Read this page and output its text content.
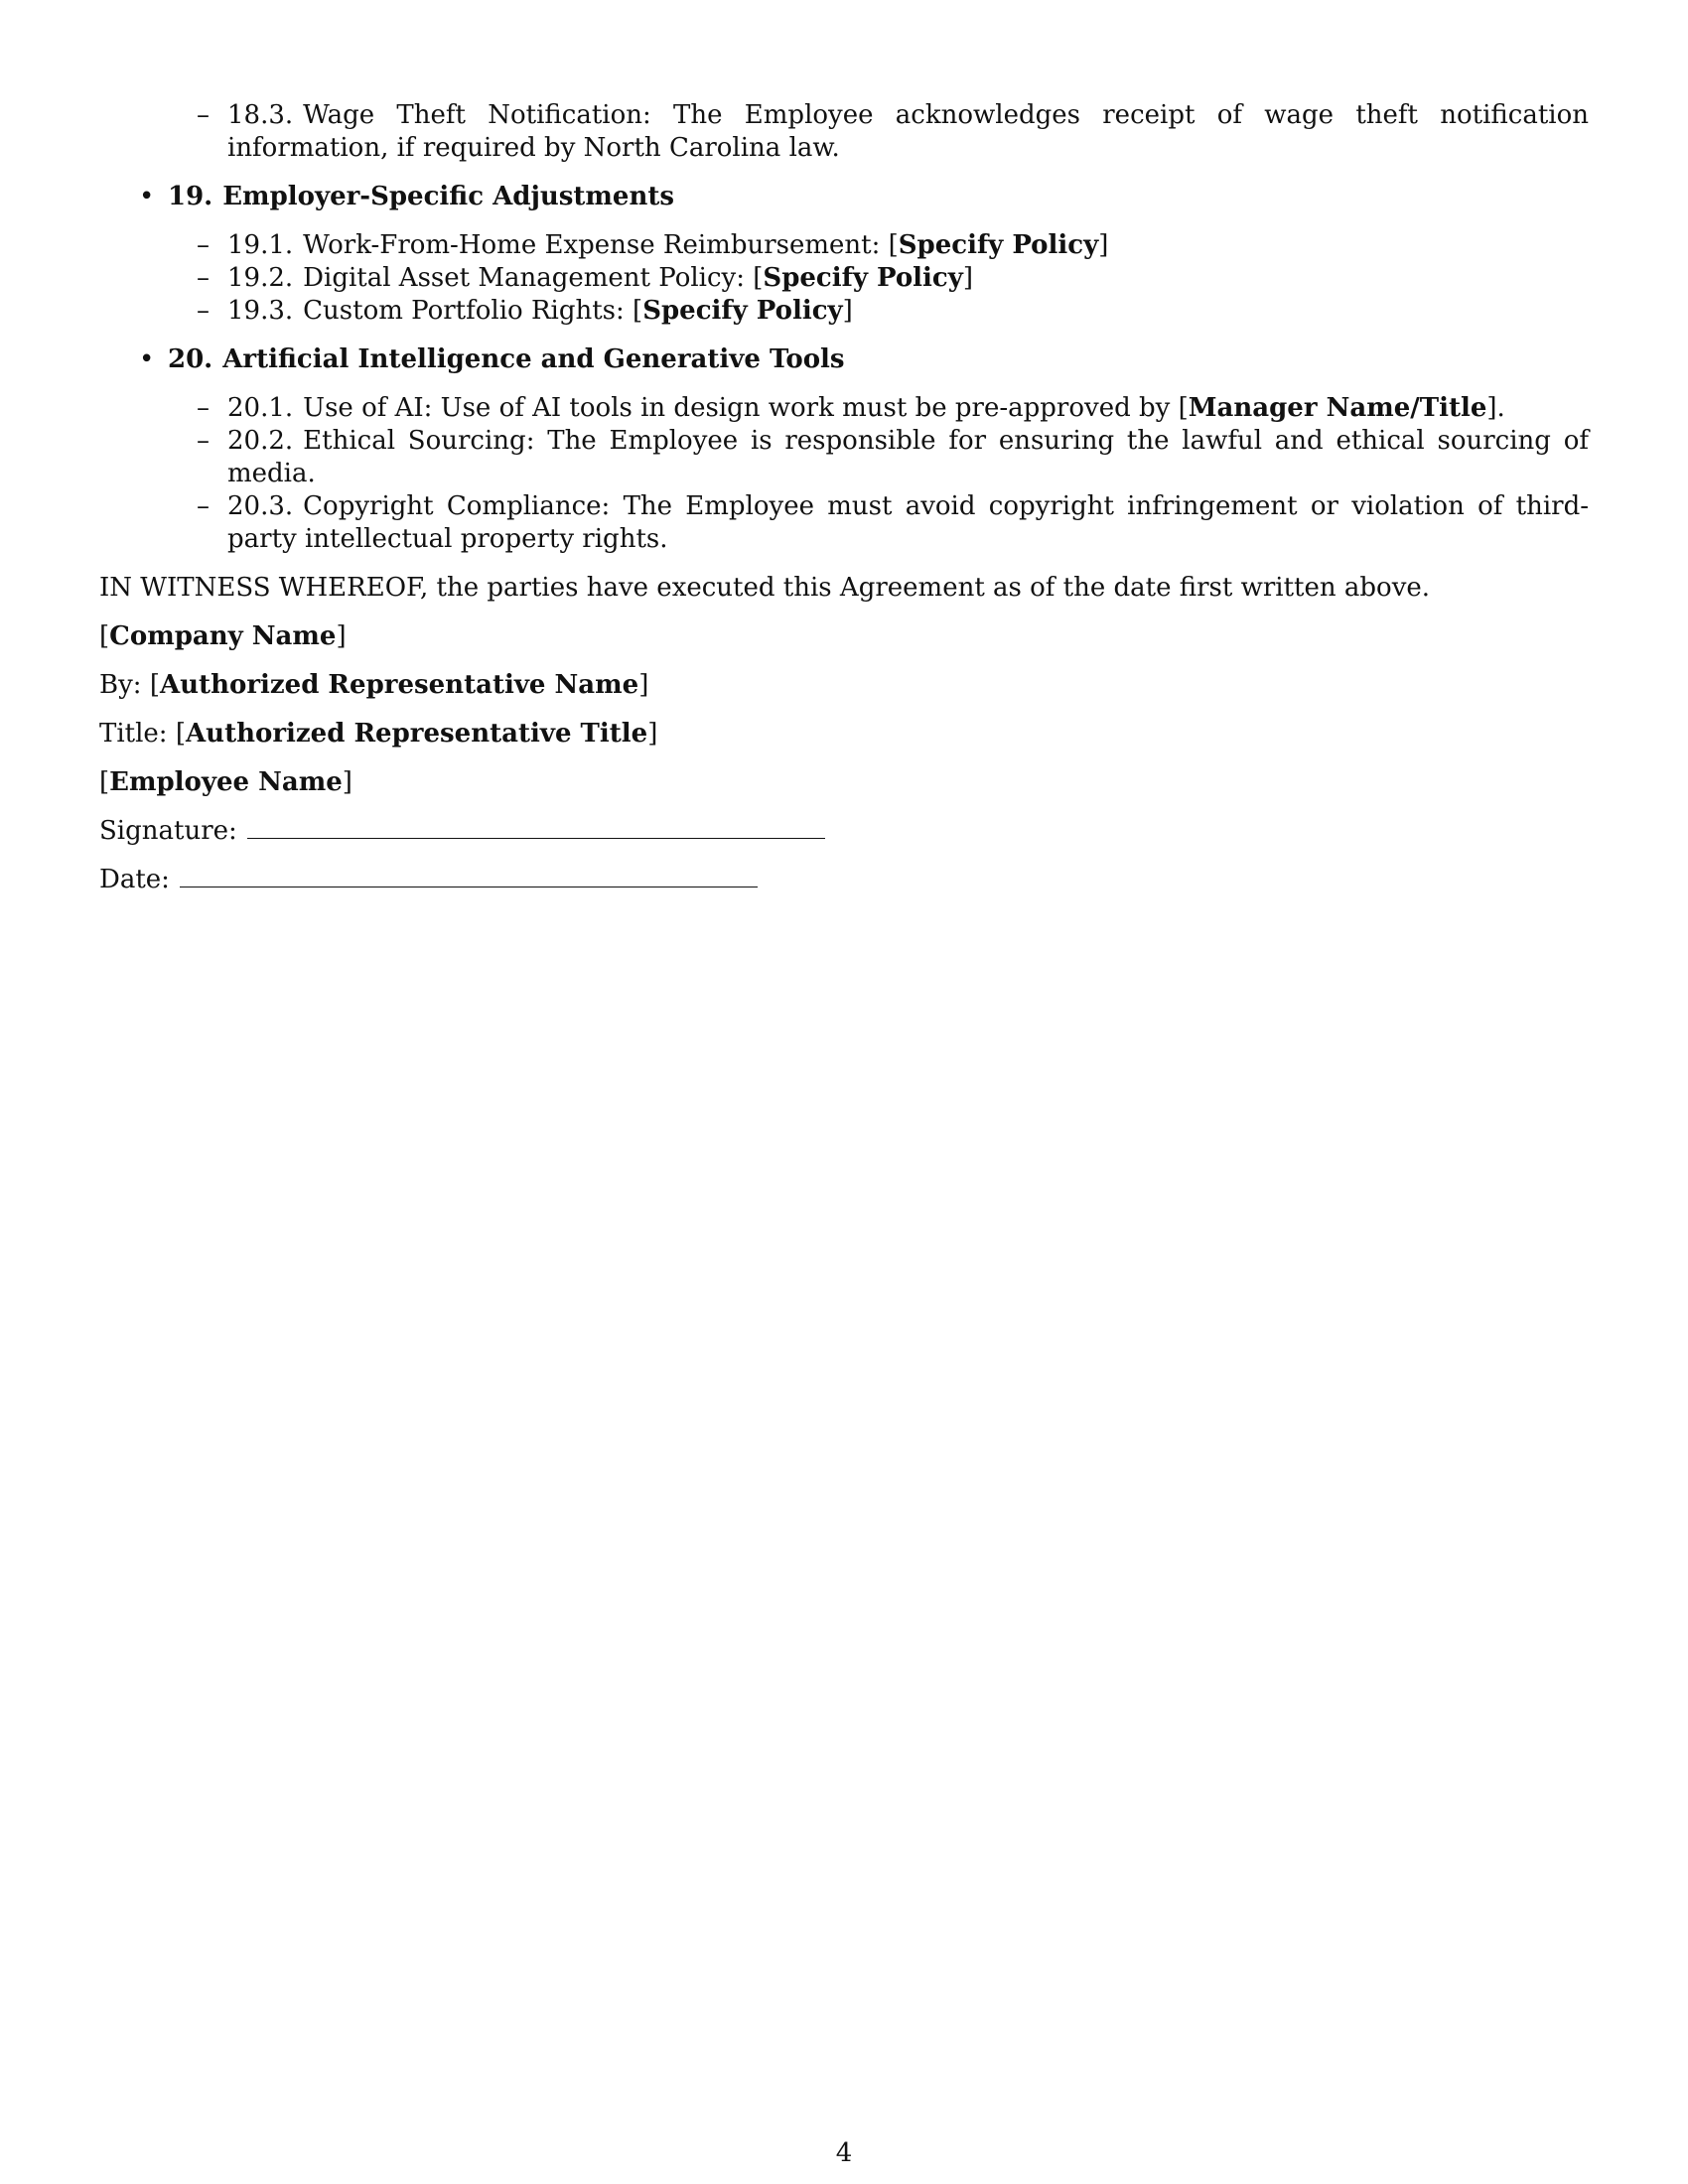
– 18.3. Wage Theft Notification: The Employee acknowledges receipt of wage theft notification information, if required by North Carolina law.
• 19. Employer-Specific Adjustments
– 19.1. Work-From-Home Expense Reimbursement: [Specify Policy]
– 19.2. Digital Asset Management Policy: [Specify Policy]
– 19.3. Custom Portfolio Rights: [Specify Policy]
• 20. Artificial Intelligence and Generative Tools
– 20.1. Use of AI: Use of AI tools in design work must be pre-approved by [Manager Name/Title].
– 20.2. Ethical Sourcing: The Employee is responsible for ensuring the lawful and ethical sourcing of media.
– 20.3. Copyright Compliance: The Employee must avoid copyright infringement or violation of third-party intellectual property rights.

IN WITNESS WHEREOF, the parties have executed this Agreement as of the date first written above.

[Company Name]

By: [Authorized Representative Name]

Title: [Authorized Representative Title]

[Employee Name]

Signature:

Date:

4
